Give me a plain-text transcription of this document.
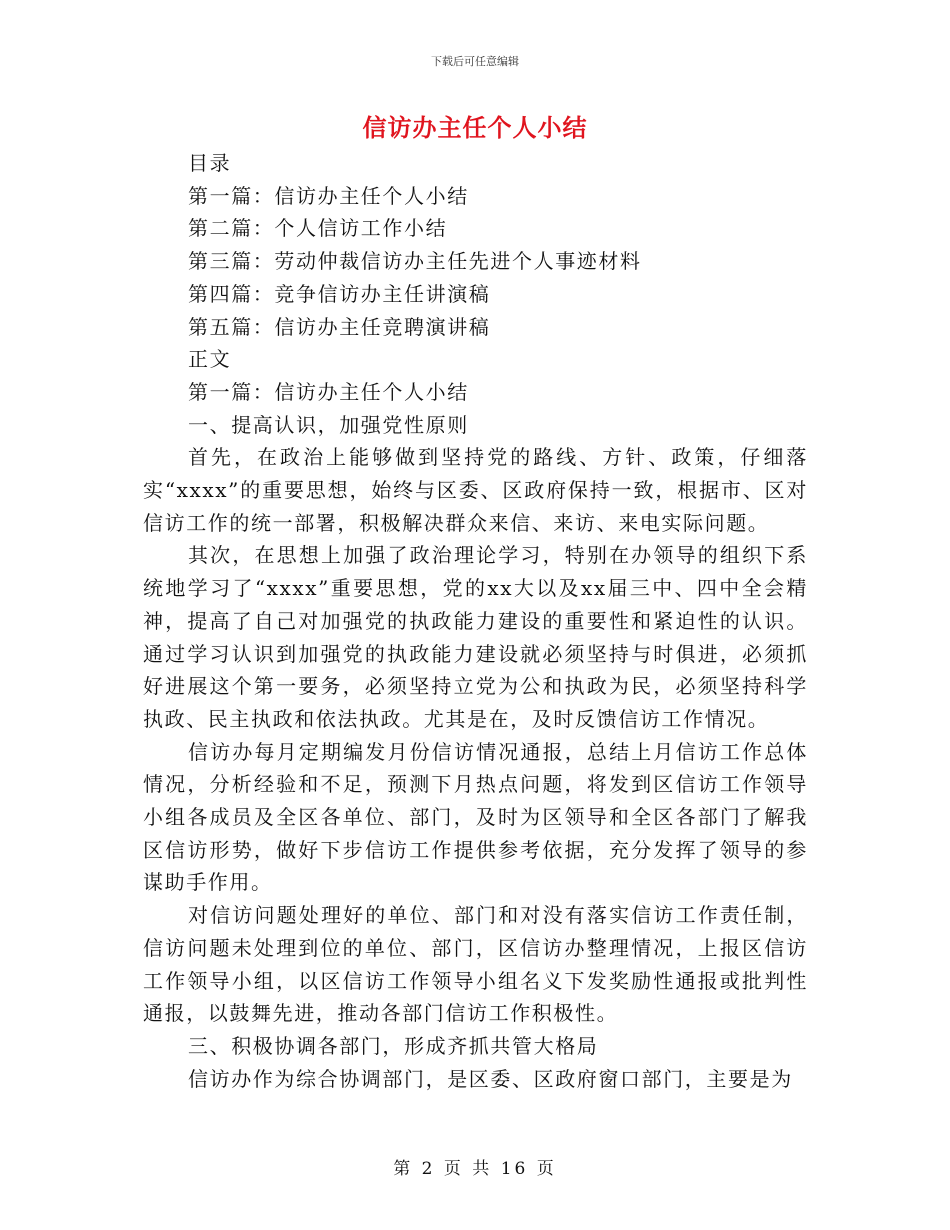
下载后可任意编辑
信访办主任个人小结
目录
第一篇：信访办主任个人小结
第二篇：个人信访工作小结
第三篇：劳动仲裁信访办主任先进个人事迹材料
第四篇：竞争信访办主任讲演稿
第五篇：信访办主任竞聘演讲稿
正文
第一篇：信访办主任个人小结
一、提高认识，加强党性原则

首先，在政治上能够做到坚持党的路线、方针、政策，仔细落实“xxxx”的重要思想，始终与区委、区政府保持一致，根据市、区对信访工作的统一部署，积极解决群众来信、来访、来电实际问题。

其次，在思想上加强了政治理论学习，特别在办领导的组织下系统地学习了“xxxx”重要思想，党的xx大以及xx届三中、四中全会精神，提高了自己对加强党的执政能力建设的重要性和紧迫性的认识。通过学习认识到加强党的执政能力建设就必须坚持与时俱进，必须抓好进展这个第一要务，必须坚持立党为公和执政为民，必须坚持科学执政、民主执政和依法执政。尤其是在，及时反馈信访工作情况。

信访办每月定期编发月份信访情况通报，总结上月信访工作总体情况，分析经验和不足，预测下月热点问题，将发到区信访工作领导小组各成员及全区各单位、部门，及时为区领导和全区各部门了解我区信访形势，做好下步信访工作提供参考依据，充分发挥了领导的参谋助手作用。

对信访问题处理好的单位、部门和对没有落实信访工作责任制，信访问题未处理到位的单位、部门，区信访办整理情况，上报区信访工作领导小组，以区信访工作领导小组名义下发奖励性通报或批判性通报，以鼓舞先进，推动各部门信访工作积极性。

三、积极协调各部门，形成齐抓共管大格局

信访办作为综合协调部门，是区委、区政府窗口部门，主要是为

第 2 页 共 16 页
